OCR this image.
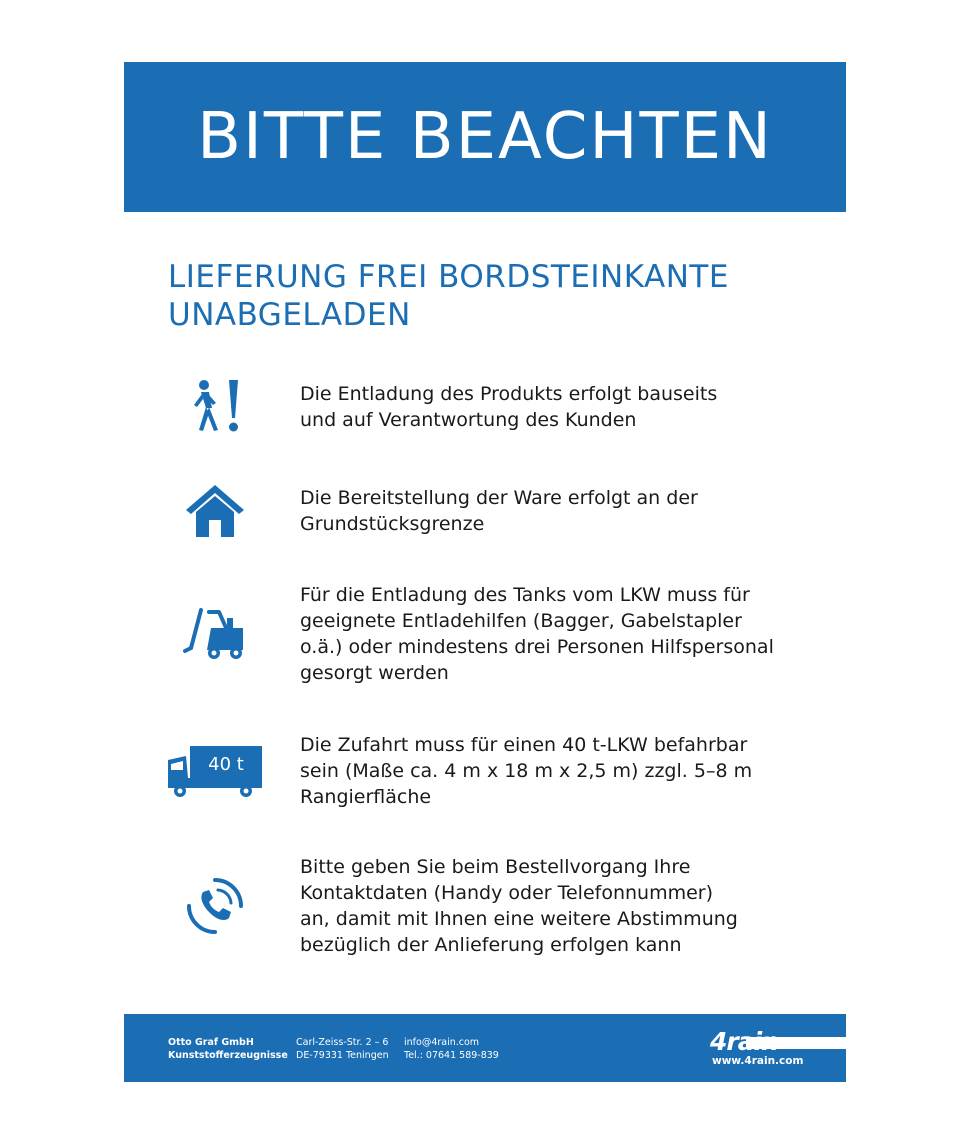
BITTE BEACHTEN
LIEFERUNG FREI BORDSTEINKANTE
UNABGELADEN

Die Entladung des Produkts erfolgt bauseits
und auf Verantwortung des Kunden

Die Bereitstellung der Ware erfolgt an der
Grundstücksgrenze

Für die Entladung des Tanks vom LKW muss für
geeignete Entladehilfen (Bagger, Gabelstapler
o.ä.) oder mindestens drei Personen Hilfspersonal
gesorgt werden

40 t

Die Zufahrt muss für einen 40 t-LKW befahrbar
sein (Maße ca. 4 m x 18 m x 2,5 m) zzgl. 5–8 m
Rangierfläche

Bitte geben Sie beim Bestellvorgang Ihre
Kontaktdaten (Handy oder Telefonnummer)
an, damit mit Ihnen eine weitere Abstimmung
bezüglich der Anlieferung erfolgen kann

Otto Graf GmbH
Kunststofferzeugnisse
Carl-Zeiss-Str. 2 – 6
DE-79331 Teningen
info@4rain.com
Tel.: 07641 589-839	4rain
www.4rain.com
